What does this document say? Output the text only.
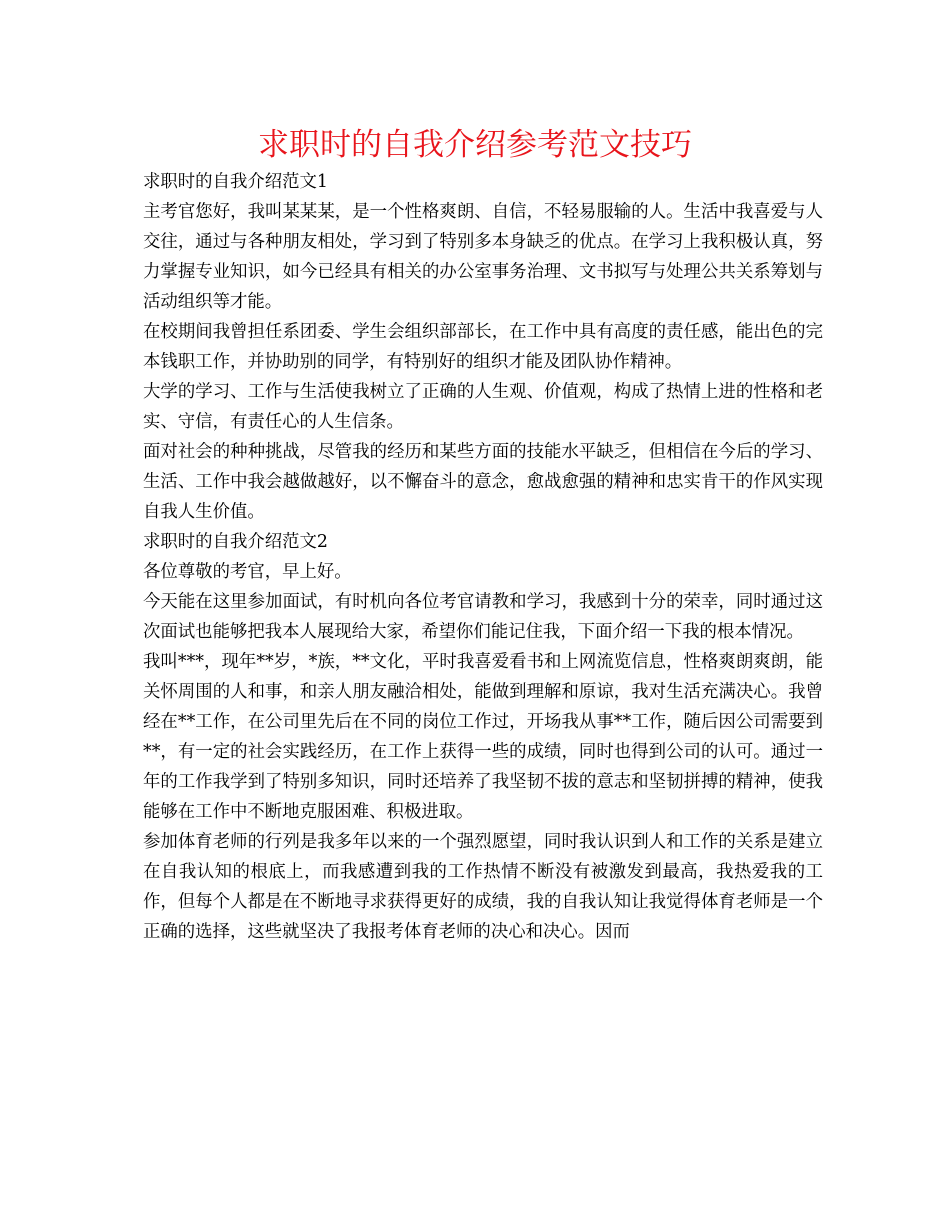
求职时的自我介绍参考范文技巧

求职时的自我介绍范文1

主考官您好，我叫某某某，是一个性格爽朗、自信，不轻易服输的人。生活中我喜爱与人交往，通过与各种朋友相处，学习到了特别多本身缺乏的优点。在学习上我积极认真，努力掌握专业知识，如今已经具有相关的办公室事务治理、文书拟写与处理公共关系筹划与活动组织等才能。

在校期间我曾担任系团委、学生会组织部部长，在工作中具有高度的责任感，能出色的完本钱职工作，并协助别的同学，有特别好的组织才能及团队协作精神。

大学的学习、工作与生活使我树立了正确的人生观、价值观，构成了热情上进的性格和老实、守信，有责任心的人生信条。

面对社会的种种挑战，尽管我的经历和某些方面的技能水平缺乏，但相信在今后的学习、生活、工作中我会越做越好，以不懈奋斗的意念，愈战愈强的精神和忠实肯干的作风实现自我人生价值。

求职时的自我介绍范文2

各位尊敬的考官，早上好。

今天能在这里参加面试，有时机向各位考官请教和学习，我感到十分的荣幸，同时通过这次面试也能够把我本人展现给大家，希望你们能记住我，下面介绍一下我的根本情况。

我叫***，现年**岁，*族，**文化，平时我喜爱看书和上网流览信息，性格爽朗爽朗，能关怀周围的人和事，和亲人朋友融洽相处，能做到理解和原谅，我对生活充满决心。我曾经在**工作，在公司里先后在不同的岗位工作过，开场我从事**工作，随后因公司需要到**，有一定的社会实践经历，在工作上获得一些的成绩，同时也得到公司的认可。通过一年的工作我学到了特别多知识，同时还培养了我坚韧不拔的意志和坚韧拼搏的精神，使我能够在工作中不断地克服困难、积极进取。

参加体育老师的行列是我多年以来的一个强烈愿望，同时我认识到人和工作的关系是建立在自我认知的根底上，而我感遭到我的工作热情不断没有被激发到最高，我热爱我的工作，但每个人都是在不断地寻求获得更好的成绩，我的自我认知让我觉得体育老师是一个正确的选择，这些就坚决了我报考体育老师的决心和决心。因而
